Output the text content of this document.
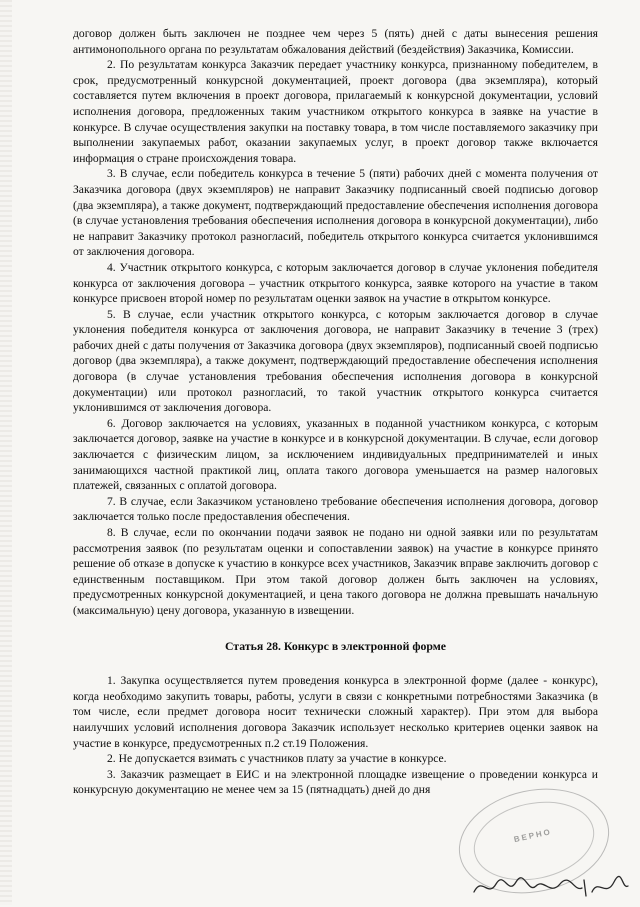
договор должен быть заключен не позднее чем через 5 (пять) дней с даты вынесения решения антимонопольного органа по результатам обжалования действий (бездействия) Заказчика, Комиссии.

2. По результатам конкурса Заказчик передает участнику конкурса, признанному победителем, в срок, предусмотренный конкурсной документацией, проект договора (два экземпляра), который составляется путем включения в проект договора, прилагаемый к конкурсной документации, условий исполнения договора, предложенных таким участником открытого конкурса в заявке на участие в конкурсе. В случае осуществления закупки на поставку товара, в том числе поставляемого заказчику при выполнении закупаемых работ, оказании закупаемых услуг, в проект договор также включается информация о стране происхождения товара.

3. В случае, если победитель конкурса в течение 5 (пяти) рабочих дней с момента получения от Заказчика договора (двух экземпляров) не направит Заказчику подписанный своей подписью договор (два экземпляра), а также документ, подтверждающий предоставление обеспечения исполнения договора (в случае установления требования обеспечения исполнения договора в конкурсной документации), либо не направит Заказчику протокол разногласий, победитель открытого конкурса считается уклонившимся от заключения договора.

4. Участник открытого конкурса, с которым заключается договор в случае уклонения победителя конкурса от заключения договора – участник открытого конкурса, заявке которого на участие в таком конкурсе присвоен второй номер по результатам оценки заявок на участие в открытом конкурсе.

5. В случае, если участник открытого конкурса, с которым заключается договор в случае уклонения победителя конкурса от заключения договора, не направит Заказчику в течение 3 (трех) рабочих дней с даты получения от Заказчика договора (двух экземпляров), подписанный своей подписью договор (два экземпляра), а также документ, подтверждающий предоставление обеспечения исполнения договора (в случае установления требования обеспечения исполнения договора в конкурсной документации) или протокол разногласий, то такой участник открытого конкурса считается уклонившимся от заключения договора.

6. Договор заключается на условиях, указанных в поданной участником конкурса, с которым заключается договор, заявке на участие в конкурсе и в конкурсной документации. В случае, если договор заключается с физическим лицом, за исключением индивидуальных предпринимателей и иных занимающихся частной практикой лиц, оплата такого договора уменьшается на размер налоговых платежей, связанных с оплатой договора.

7. В случае, если Заказчиком установлено требование обеспечения исполнения договора, договор заключается только после предоставления обеспечения.

8. В случае, если по окончании подачи заявок не подано ни одной заявки или по результатам рассмотрения заявок (по результатам оценки и сопоставлении заявок) на участие в конкурсе принято решение об отказе в допуске к участию в конкурсе всех участников, Заказчик вправе заключить договор с единственным поставщиком. При этом такой договор должен быть заключен на условиях, предусмотренных конкурсной документацией, и цена такого договора не должна превышать начальную (максимальную) цену договора, указанную в извещении.

Статья 28. Конкурс в электронной форме

1. Закупка осуществляется путем проведения конкурса в электронной форме (далее - конкурс), когда необходимо закупить товары, работы, услуги в связи с конкретными потребностями Заказчика (в том числе, если предмет договора носит технически сложный характер). При этом для выбора наилучших условий исполнения договора Заказчик использует несколько критериев оценки заявок на участие в конкурсе, предусмотренных п.2 ст.19 Положения.

2. Не допускается взимать с участников плату за участие в конкурсе.

3. Заказчик размещает в ЕИС и на электронной площадке извещение о проведении конкурса и конкурсную документацию не менее чем за 15 (пятнадцать) дней до дня

ВЕРНО
